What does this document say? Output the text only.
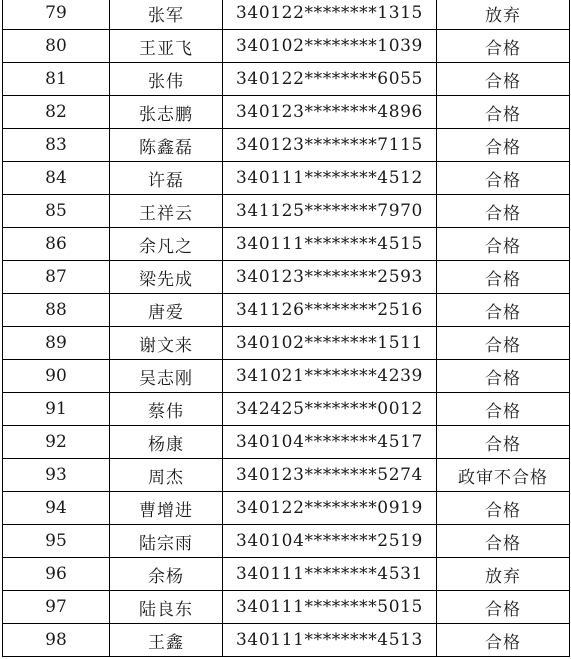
79	张军	340122********1315	放弃
80	王亚飞	340102********1039	合格
81	张伟	340122********6055	合格
82	张志鹏	340123********4896	合格
83	陈鑫磊	340123********7115	合格
84	许磊	340111********4512	合格
85	王祥云	341125********7970	合格
86	余凡之	340111********4515	合格
87	梁先成	340123********2593	合格
88	唐爱	341126********2516	合格
89	谢文来	340102********1511	合格
90	吴志刚	341021********4239	合格
91	蔡伟	342425********0012	合格
92	杨康	340104********4517	合格
93	周杰	340123********5274	政审不合格
94	曹增进	340122********0919	合格
95	陆宗雨	340104********2519	合格
96	余杨	340111********4531	放弃
97	陆良东	340111********5015	合格
98	王鑫	340111********4513	合格
